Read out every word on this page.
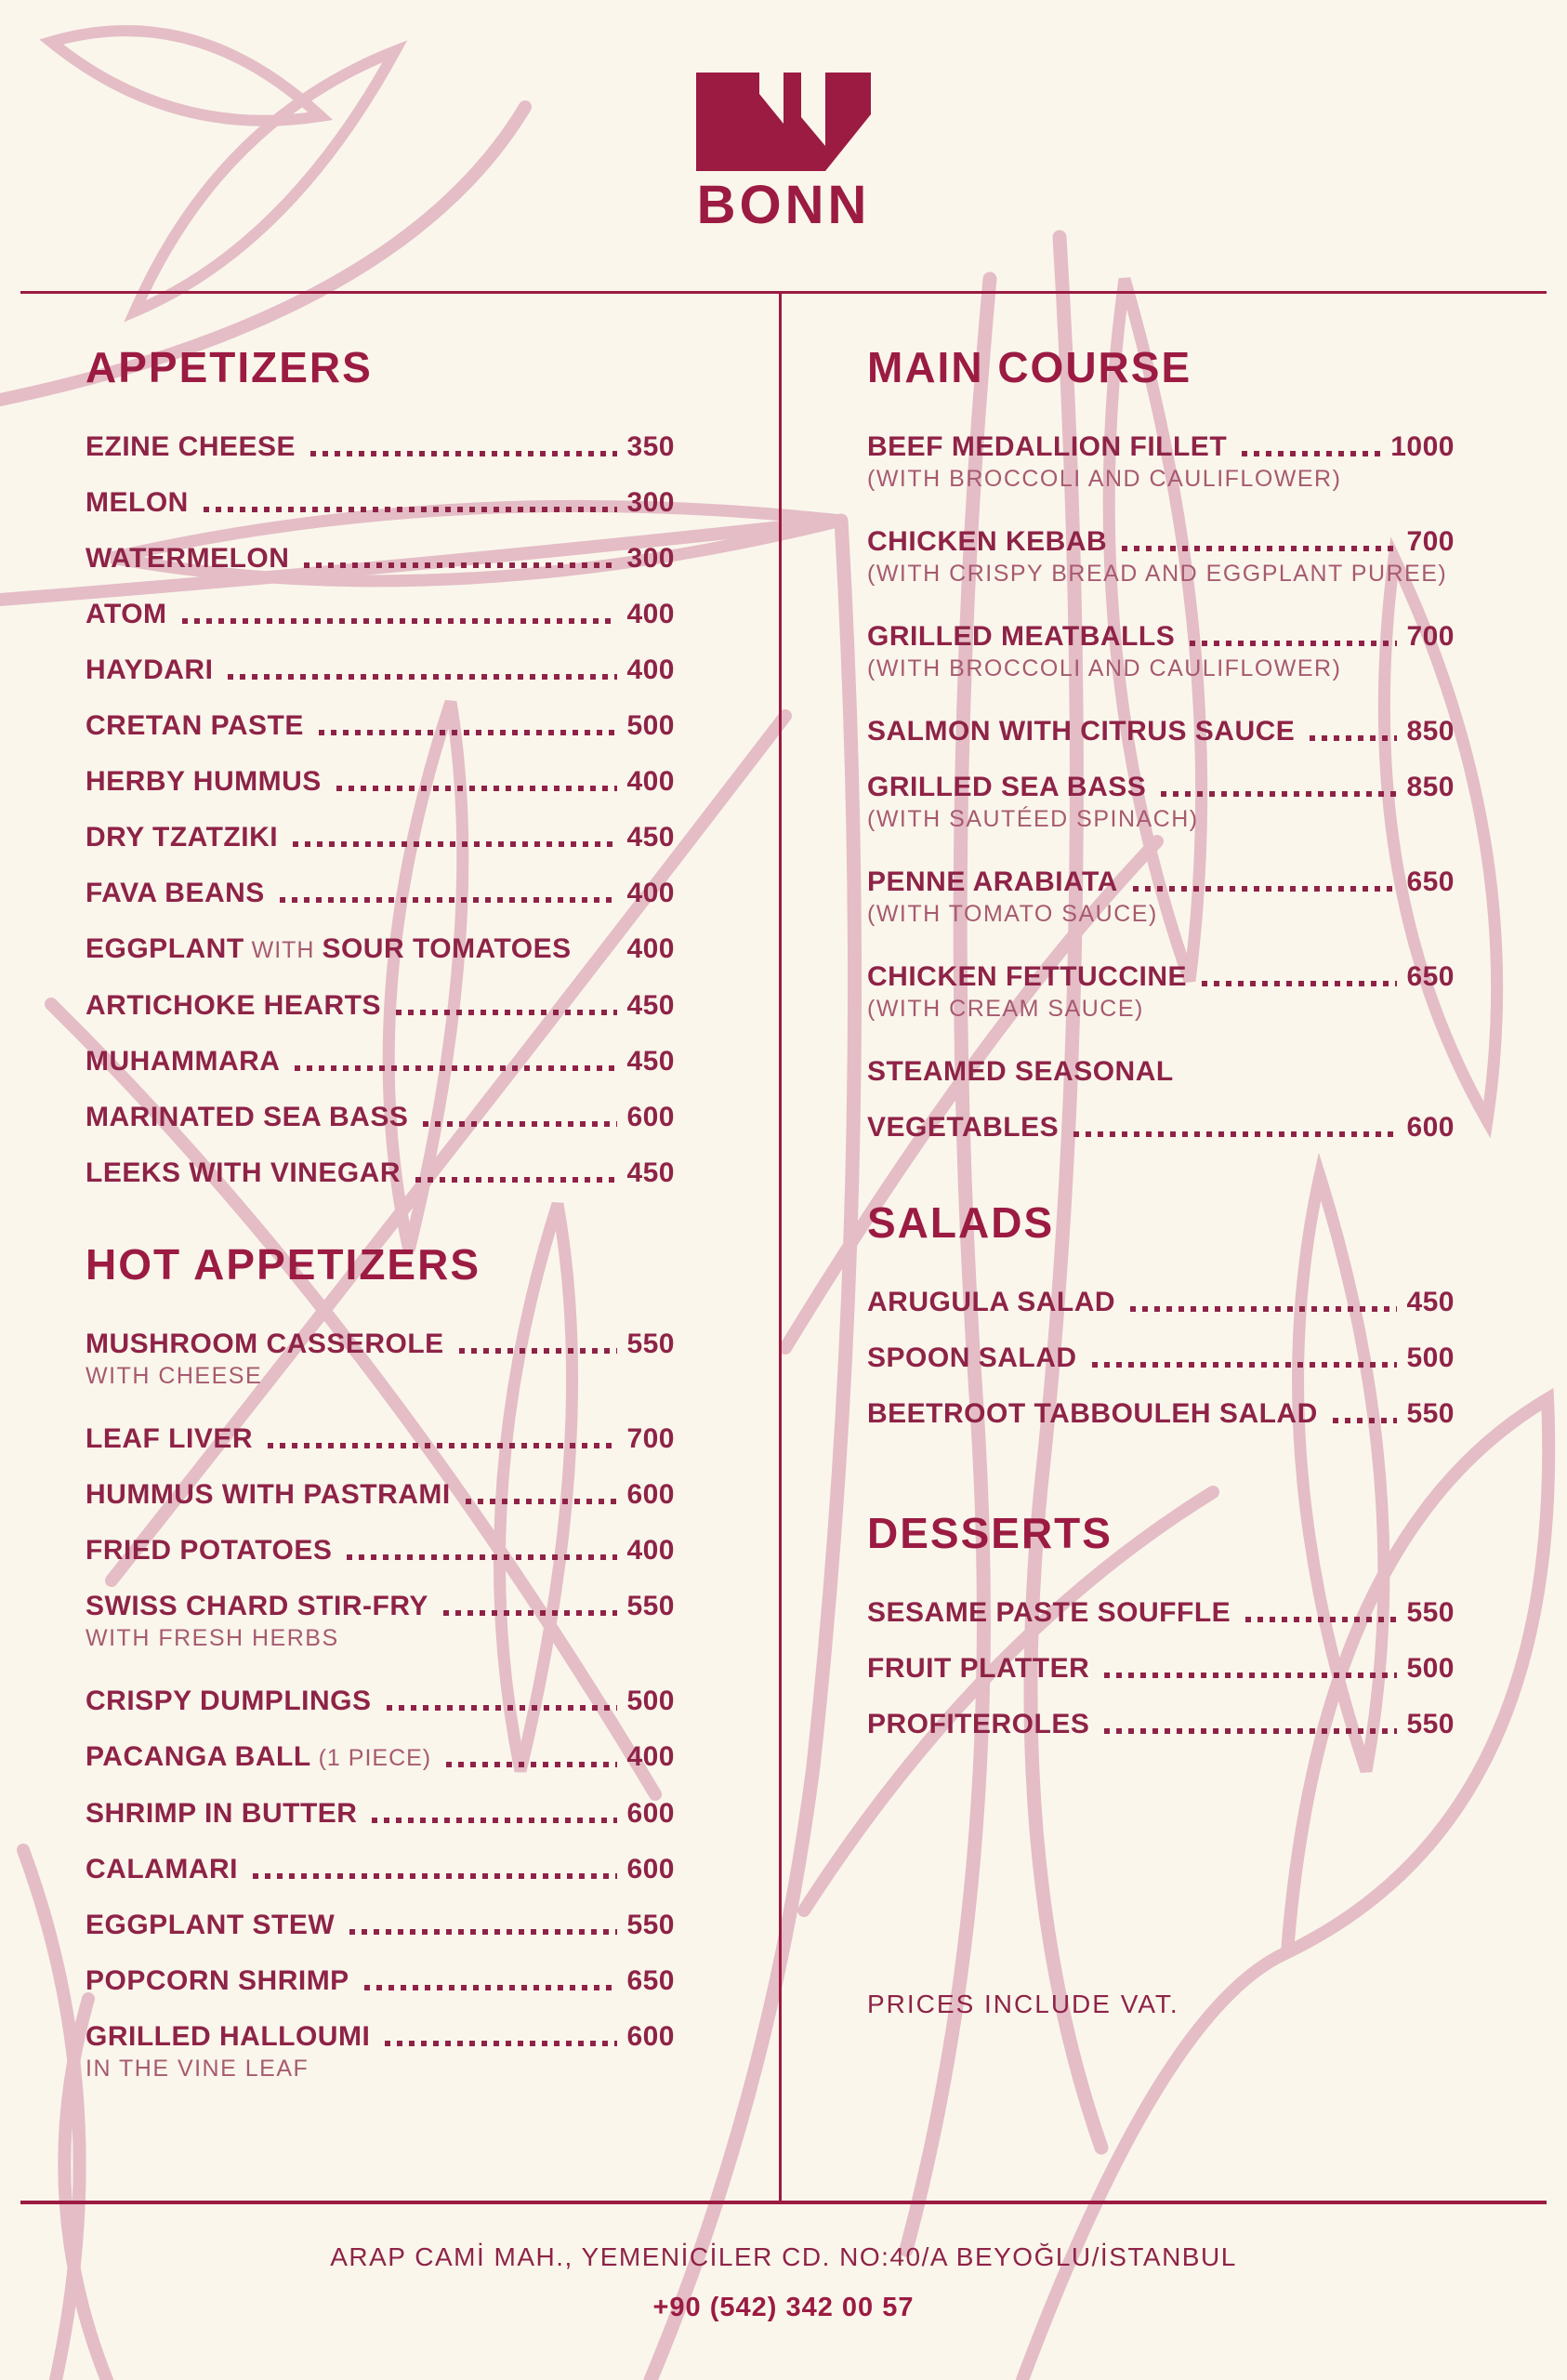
BONN
APPETIZERS
EZINE CHEESE	350
MELON	300
WATERMELON	300
ATOM	400
HAYDARI	400
CRETAN PASTE	500
HERBY HUMMUS	400
DRY TZATZIKI	450
FAVA BEANS	400
EGGPLANT WITH SOUR TOMATOES 400
ARTICHOKE HEARTS	450
MUHAMMARA	450
MARINATED SEA BASS	600
LEEKS WITH VINEGAR	450
HOT APPETIZERS
MUSHROOM CASSEROLE	550
WITH CHEESE
LEAF LIVER	700
HUMMUS WITH PASTRAMI	600
FRIED POTATOES	400
SWISS CHARD STIR-FRY	550
WITH FRESH HERBS
CRISPY DUMPLINGS	500
PACANGA BALL (1 PIECE)	400
SHRIMP IN BUTTER	600
CALAMARI	600
EGGPLANT STEW	550
POPCORN SHRIMP	650
GRILLED HALLOUMI	600
IN THE VINE LEAF
MAIN COURSE
BEEF MEDALLION FILLET	1000
(WITH BROCCOLI AND CAULIFLOWER)
CHICKEN KEBAB	700
(WITH CRISPY BREAD AND EGGPLANT PUREE)
GRILLED MEATBALLS	700
(WITH BROCCOLI AND CAULIFLOWER)
SALMON WITH CITRUS SAUCE	850
GRILLED SEA BASS	850
(WITH SAUTÉED SPINACH)
PENNE ARABIATA	650
(WITH TOMATO SAUCE)
CHICKEN FETTUCCINE	650
(WITH CREAM SAUCE)
STEAMED SEASONAL
VEGETABLES	600
SALADS
ARUGULA SALAD	450
SPOON SALAD	500
BEETROOT TABBOULEH SALAD	550
DESSERTS
SESAME PASTE SOUFFLE	550
FRUIT PLATTER	500
PROFITEROLES	550
PRICES INCLUDE VAT.
ARAP CAMİ MAH., YEMENİCİLER CD. NO:40/A BEYOĞLU/İSTANBUL
+90 (542) 342 00 57
